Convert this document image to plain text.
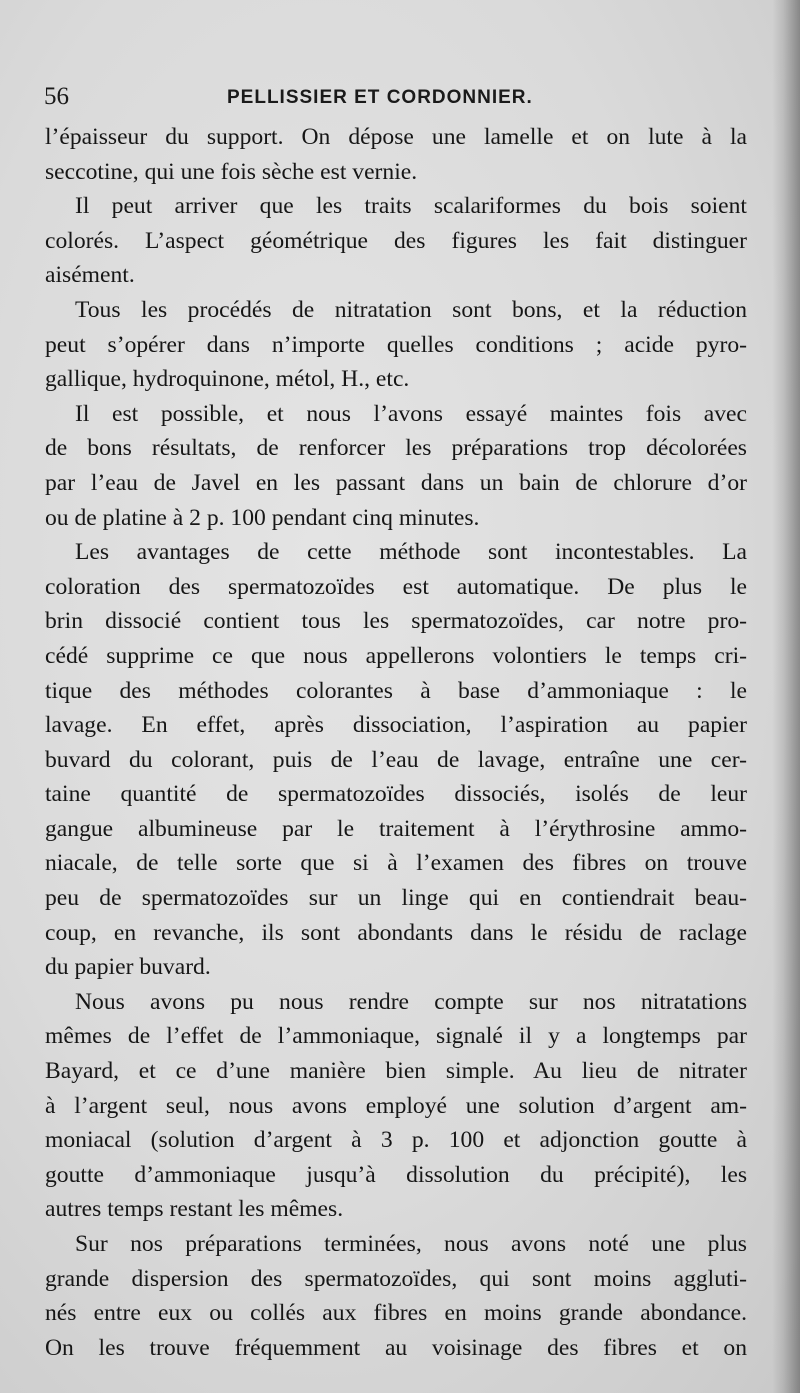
56	PELLISSIER ET CORDONNIER.
l’épaisseur du support. On dépose une lamelle et on lute à la
seccotine, qui une fois sèche est vernie.
Il peut arriver que les traits scalariformes du bois soient
colorés. L’aspect géométrique des figures les fait distinguer
aisément.
Tous les procédés de nitratation sont bons, et la réduction
peut s’opérer dans n’importe quelles conditions ; acide pyro-
gallique, hydroquinone, métol, H., etc.
Il est possible, et nous l’avons essayé maintes fois avec
de bons résultats, de renforcer les préparations trop décolorées
par l’eau de Javel en les passant dans un bain de chlorure d’or
ou de platine à 2 p. 100 pendant cinq minutes.
Les avantages de cette méthode sont incontestables. La
coloration des spermatozoïdes est automatique. De plus le
brin dissocié contient tous les spermatozoïdes, car notre pro-
cédé supprime ce que nous appellerons volontiers le temps cri-
tique des méthodes colorantes à base d’ammoniaque : le
lavage. En effet, après dissociation, l’aspiration au papier
buvard du colorant, puis de l’eau de lavage, entraîne une cer-
taine quantité de spermatozoïdes dissociés, isolés de leur
gangue albumineuse par le traitement à l’érythrosine ammo-
niacale, de telle sorte que si à l’examen des fibres on trouve
peu de spermatozoïdes sur un linge qui en contiendrait beau-
coup, en revanche, ils sont abondants dans le résidu de raclage
du papier buvard.
Nous avons pu nous rendre compte sur nos nitratations
mêmes de l’effet de l’ammoniaque, signalé il y a longtemps par
Bayard, et ce d’une manière bien simple. Au lieu de nitrater
à l’argent seul, nous avons employé une solution d’argent am-
moniacal (solution d’argent à 3 p. 100 et adjonction goutte à
goutte d’ammoniaque jusqu’à dissolution du précipité), les
autres temps restant les mêmes.
Sur nos préparations terminées, nous avons noté une plus
grande dispersion des spermatozoïdes, qui sont moins aggluti-
nés entre eux ou collés aux fibres en moins grande abondance.
On les trouve fréquemment au voisinage des fibres et on
